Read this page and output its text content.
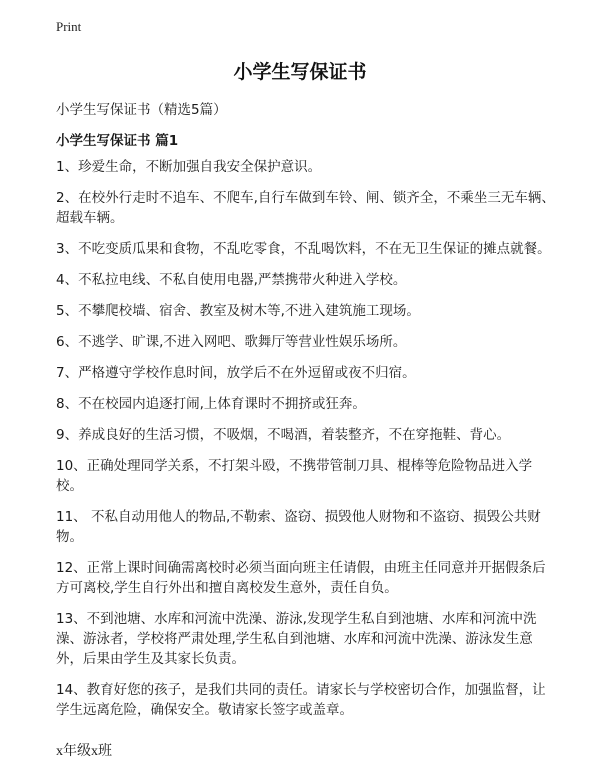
Print
小学生写保证书
小学生写保证书（精选5篇）
小学生写保证书 篇1
1、珍爱生命，不断加强自我安全保护意识。
2、在校外行走时不追车、不爬车,自行车做到车铃、闸、锁齐全，不乘坐三无车辆、超载车辆。
3、不吃变质瓜果和食物，不乱吃零食，不乱喝饮料，不在无卫生保证的摊点就餐。
4、不私拉电线、不私自使用电器,严禁携带火种进入学校。
5、不攀爬校墙、宿舍、教室及树木等,不进入建筑施工现场。
6、不逃学、旷课,不进入网吧、歌舞厅等营业性娱乐场所。
7、严格遵守学校作息时间，放学后不在外逗留或夜不归宿。
8、不在校园内追逐打闹,上体育课时不拥挤或狂奔。
9、养成良好的生活习惯，不吸烟，不喝酒，着装整齐，不在穿拖鞋、背心。
10、正确处理同学关系，不打架斗殴，不携带管制刀具、棍棒等危险物品进入学校。
11、 不私自动用他人的物品,不勒索、盗窃、损毁他人财物和不盗窃、损毁公共财物。
12、正常上课时间确需离校时必须当面向班主任请假，由班主任同意并开据假条后方可离校,学生自行外出和擅自离校发生意外，责任自负。
13、不到池塘、水库和河流中洗澡、游泳,发现学生私自到池塘、水库和河流中洗澡、游泳者，学校将严肃处理,学生私自到池塘、水库和河流中洗澡、游泳发生意外，后果由学生及其家长负责。
14、教育好您的孩子，是我们共同的责任。请家长与学校密切合作，加强监督，让学生远离危险，确保安全。敬请家长签字或盖章。
x年级x班
